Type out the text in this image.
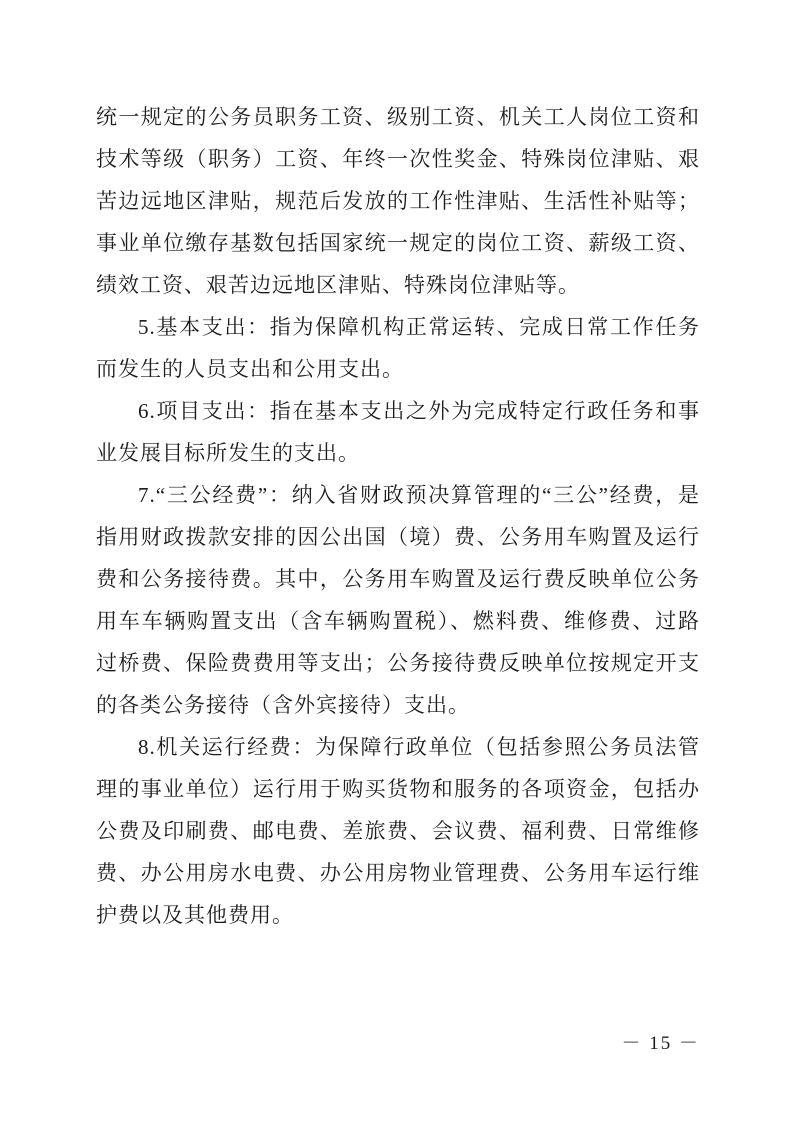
统一规定的公务员职务工资、级别工资、机关工人岗位工资和技术等级（职务）工资、年终一次性奖金、特殊岗位津贴、艰苦边远地区津贴，规范后发放的工作性津贴、生活性补贴等；事业单位缴存基数包括国家统一规定的岗位工资、薪级工资、绩效工资、艰苦边远地区津贴、特殊岗位津贴等。

5.基本支出：指为保障机构正常运转、完成日常工作任务而发生的人员支出和公用支出。

6.项目支出：指在基本支出之外为完成特定行政任务和事业发展目标所发生的支出。

7.“三公经费”：纳入省财政预决算管理的“三公”经费，是指用财政拨款安排的因公出国（境）费、公务用车购置及运行费和公务接待费。其中，公务用车购置及运行费反映单位公务用车车辆购置支出（含车辆购置税）、燃料费、维修费、过路过桥费、保险费费用等支出；公务接待费反映单位按规定开支的各类公务接待（含外宾接待）支出。

8.机关运行经费：为保障行政单位（包括参照公务员法管理的事业单位）运行用于购买货物和服务的各项资金，包括办公费及印刷费、邮电费、差旅费、会议费、福利费、日常维修费、办公用房水电费、办公用房物业管理费、公务用车运行维护费以及其他费用。

－ 15 －
